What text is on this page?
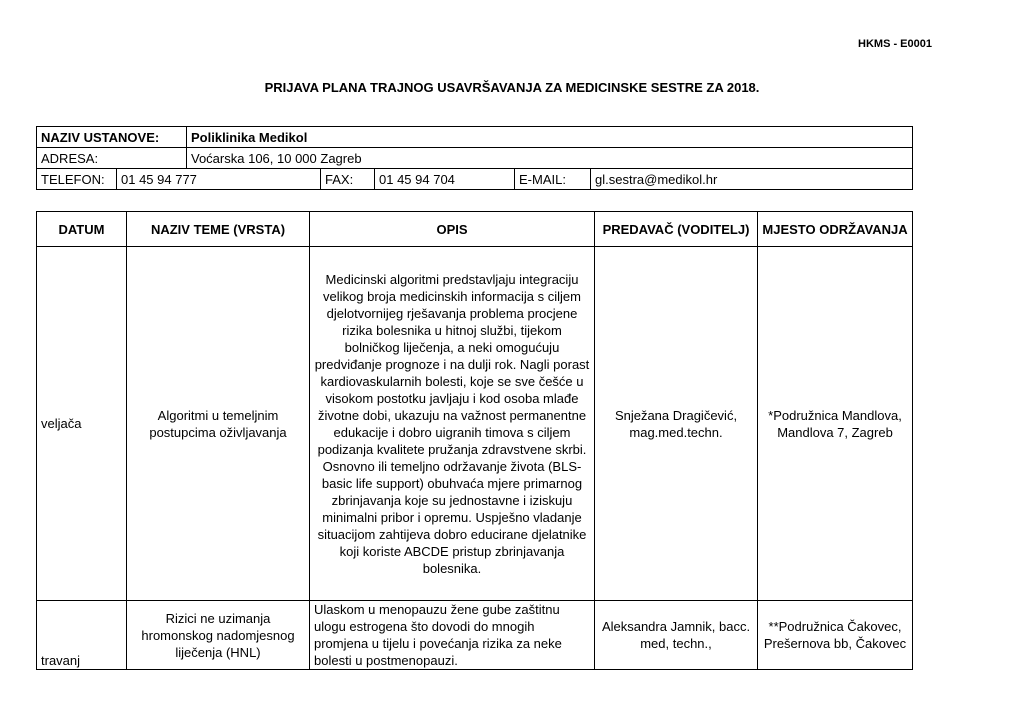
HKMS - E0001
PRIJAVA PLANA TRAJNOG USAVRŠAVANJA ZA MEDICINSKE SESTRE ZA 2018.
NAZIV USTANOVE:		Poliklinika Medikol				
ADRESA:		Voćarska 106, 10 000 Zagreb				
TELEFON:	01 45 94 777		FAX:	01 45 94 704	E-MAIL:	gl.sestra@medikol.hr
DATUM	NAZIV TEME (VRSTA)	OPIS	PREDAVAČ (VODITELJ)	MJESTO ODRŽAVANJA
veljača	Algoritmi u temeljnim postupcima oživljavanja	Medicinski algoritmi predstavljaju integraciju velikog broja medicinskih informacija s ciljem djelotvornijeg rješavanja problema procjene rizika bolesnika u hitnoj službi, tijekom bolničkog liječenja, a neki omogućuju predviđanje prognoze i na dulji rok. Nagli porast kardiovaskularnih bolesti, koje se sve češće u visokom postotku javljaju i kod osoba mlađe životne dobi, ukazuju na važnost permanentne edukacije i dobro uigranih timova s ciljem podizanja kvalitete pružanja zdravstvene skrbi. Osnovno ili temeljno održavanje života (BLS- basic life support) obuhvaća mjere primarnog zbrinjavanja koje su jednostavne i iziskuju minimalni pribor i opremu. Uspješno vladanje situacijom zahtijeva dobro educirane djelatnike koji koriste ABCDE pristup zbrinjavanja bolesnika.	Snježana Dragičević, mag.med.techn.	*Podružnica Mandlova, Mandlova 7, Zagreb
travanj	Rizici ne uzimanja hromonskog nadomjesnog liječenja (HNL)	Ulaskom u menopauzu žene gube zaštitnu ulogu estrogena što dovodi do mnogih promjena u tijelu i povećanja rizika za neke bolesti u postmenopauzi.	Aleksandra Jamnik, bacc. med, techn.,	**Podružnica Čakovec, Prešernova bb, Čakovec
